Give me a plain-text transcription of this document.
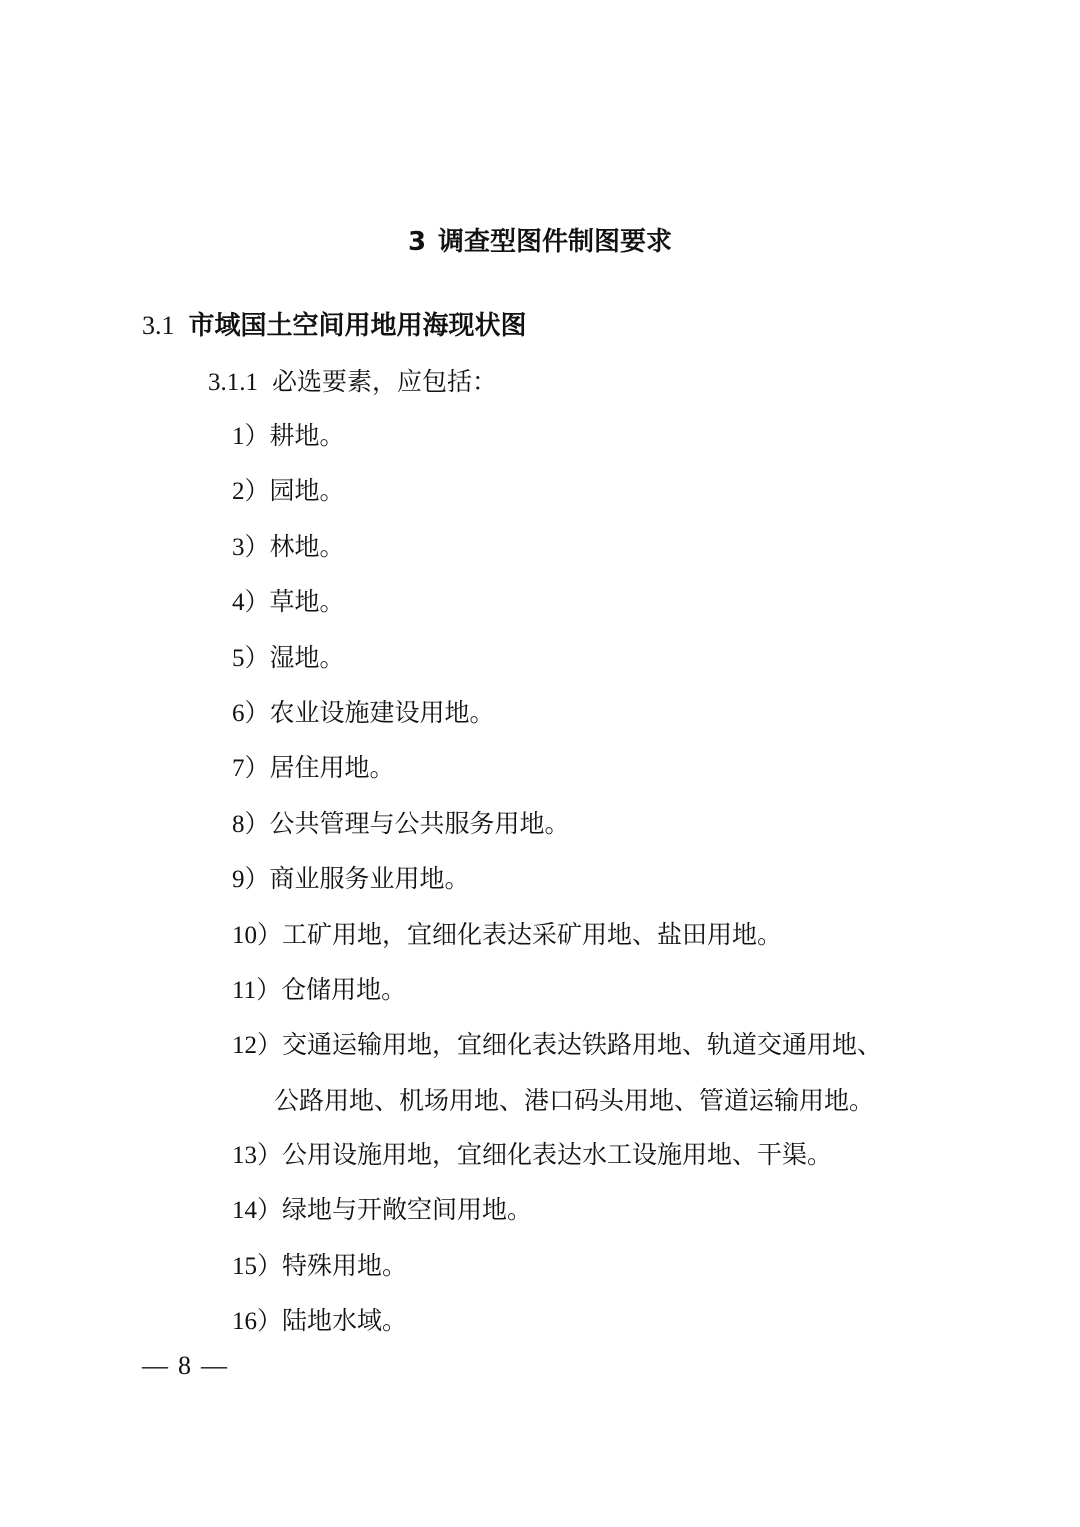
3 调查型图件制图要求
3.1 市域国土空间用地用海现状图
3.1.1 必选要素，应包括：
1）耕地。
2）园地。
3）林地。
4）草地。
5）湿地。
6）农业设施建设用地。
7）居住用地。
8）公共管理与公共服务用地。
9）商业服务业用地。
10）工矿用地，宜细化表达采矿用地、盐田用地。
11）仓储用地。
12）交通运输用地，宜细化表达铁路用地、轨道交通用地、
公路用地、机场用地、港口码头用地、管道运输用地。
13）公用设施用地，宜细化表达水工设施用地、干渠。
14）绿地与开敞空间用地。
15）特殊用地。
16）陆地水域。
— 8 —
